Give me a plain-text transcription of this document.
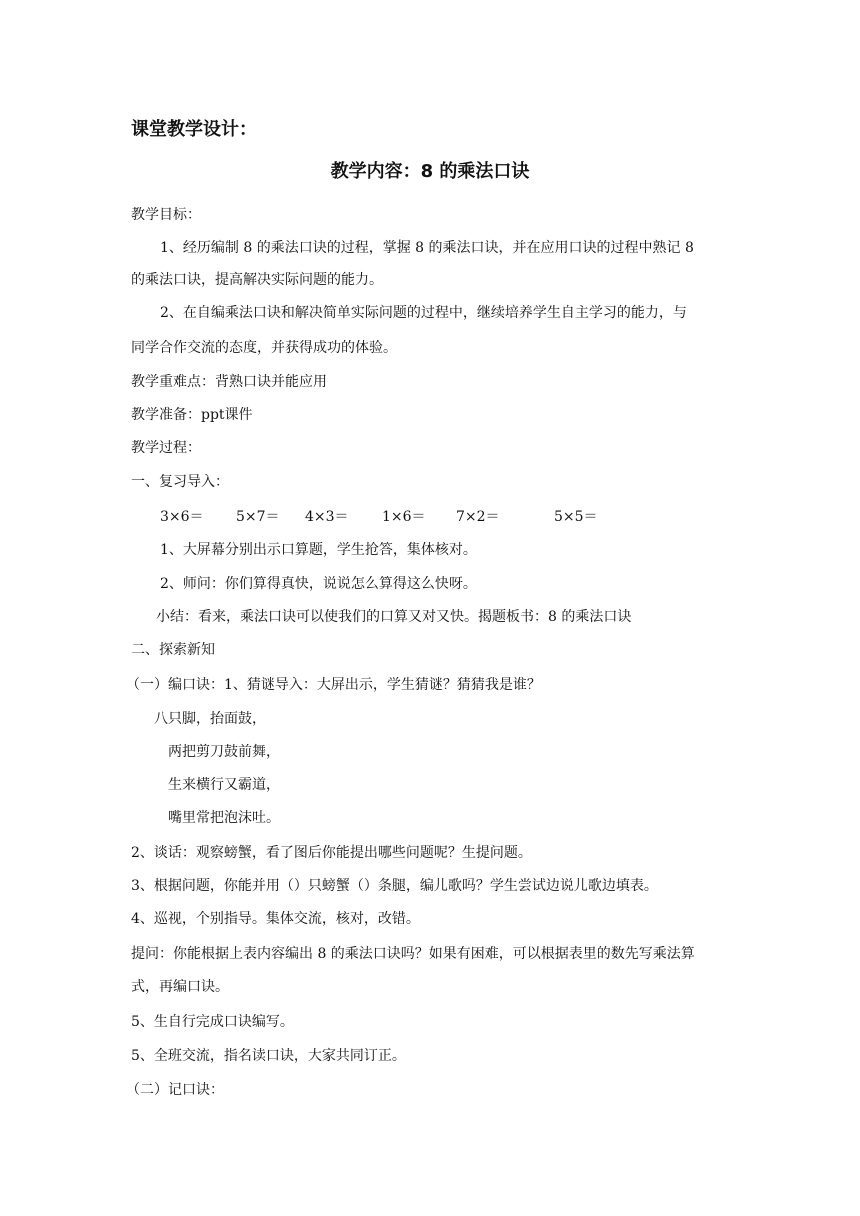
课堂教学设计：
教学内容：8 的乘法口诀
教学目标：
1、经历编制 8 的乘法口诀的过程，掌握 8 的乘法口诀，并在应用口诀的过程中熟记 8
的乘法口诀，提高解决实际问题的能力。
2、在自编乘法口诀和解决简单实际问题的过程中，继续培养学生自主学习的能力，与
同学合作交流的态度，并获得成功的体验。
教学重难点：背熟口诀并能应用
教学准备：ppt课件
教学过程：
一、复习导入：
3×6＝ 5×7＝ 4×3＝ 1×6＝ 7×2＝	5×5＝
1、大屏幕分别出示口算题，学生抢答，集体核对。
2、师问：你们算得真快，说说怎么算得这么快呀。
小结：看来，乘法口诀可以使我们的口算又对又快。揭题板书：8 的乘法口诀
二、探索新知
（一）编口诀：1、猜谜导入：大屏出示，学生猜谜？猜猜我是谁？
八只脚，抬面鼓，
两把剪刀鼓前舞，
生来横行又霸道，
嘴里常把泡沫吐。
2、谈话：观察螃蟹，看了图后你能提出哪些问题呢？生提问题。
3、根据问题，你能并用（）只螃蟹（）条腿，编儿歌吗？学生尝试边说儿歌边填表。
4、巡视，个别指导。集体交流，核对，改错。
提问：你能根据上表内容编出 8 的乘法口诀吗？如果有困难，可以根据表里的数先写乘法算
式，再编口诀。
5、生自行完成口诀编写。
5、全班交流，指名读口诀，大家共同订正。
（二）记口诀：
